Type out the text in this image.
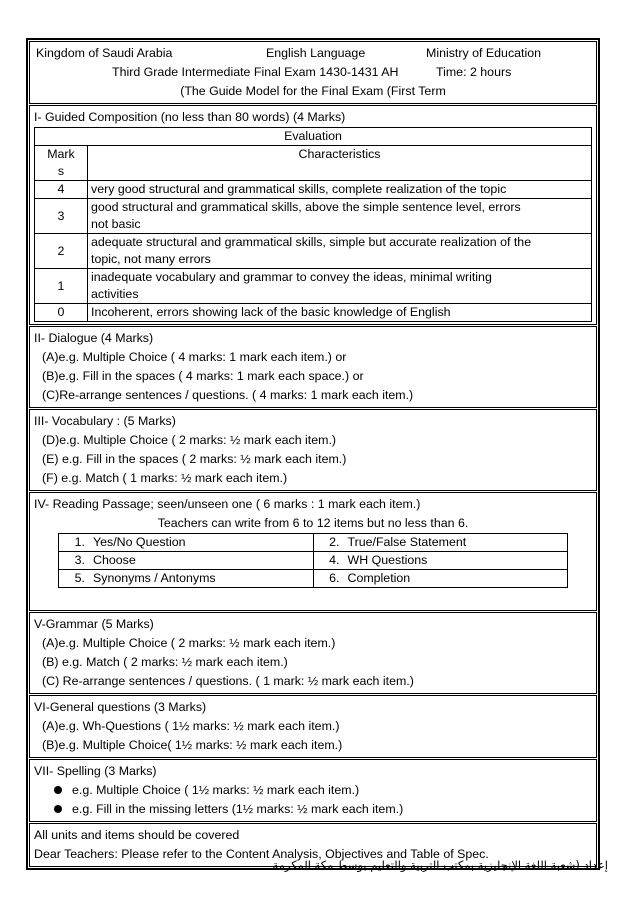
Kingdom of Saudi Arabia	English Language	Ministry of Education
Third Grade Intermediate Final Exam 1430-1431 AH	Time: 2 hours
(The Guide Model for the Final Exam (First Term
I- Guided Composition (no less than 80 words) (4 Marks)
Evaluation	

Mark
s	Characteristics
4	very good structural and grammatical skills, complete realization of the topic

3	good structural and grammatical skills, above the simple sentence level, errors
not basic

2	adequate structural and grammatical skills, simple but accurate realization of the
topic, not many errors

1	inadequate vocabulary and grammar to convey the ideas, minimal writing
activities

0	Incoherent, errors showing lack of the basic knowledge of English
II- Dialogue (4 Marks)
(A)e.g. Multiple Choice ( 4 marks: 1 mark each item.) or
(B)e.g. Fill in the spaces ( 4 marks: 1 mark each space.) or
(C)Re-arrange sentences / questions. ( 4 marks: 1 mark each item.)
III- Vocabulary : (5 Marks)
(D)e.g. Multiple Choice ( 2 marks: ½ mark each item.)
(E) e.g. Fill in the spaces ( 2 marks: ½ mark each item.)
(F) e.g. Match ( 1 marks: ½ mark each item.)
IV- Reading Passage; seen/unseen one ( 6 marks : 1 mark each item.)
Teachers can write from 6 to 12 items but no less than 6.
1. Yes/No Question	2. True/False Statement
3. Choose	4. WH Questions
5. Synonyms / Antonyms	6. Completion
V-Grammar (5 Marks)
(A)e.g. Multiple Choice ( 2 marks: ½ mark each item.)
(B) e.g. Match ( 2 marks: ½ mark each item.)
(C) Re-arrange sentences / questions. ( 1 mark: ½ mark each item.)
VI-General questions (3 Marks)
(A)e.g. Wh-Questions ( 1½ marks: ½ mark each item.)
(B)e.g. Multiple Choice( 1½ marks: ½ mark each item.)
VII- Spelling (3 Marks)
e.g. Multiple Choice ( 1½ marks: ½ mark each item.)
e.g. Fill in the missing letters (1½ marks: ½ mark each item.)
All units and items should be covered
Dear Teachers: Please refer to the Content Analysis, Objectives and Table of Spec.
إعداد (شعبة اللغة الإنجليزية بمكتب التربية والتعليم بوسط مكة المكرمة
